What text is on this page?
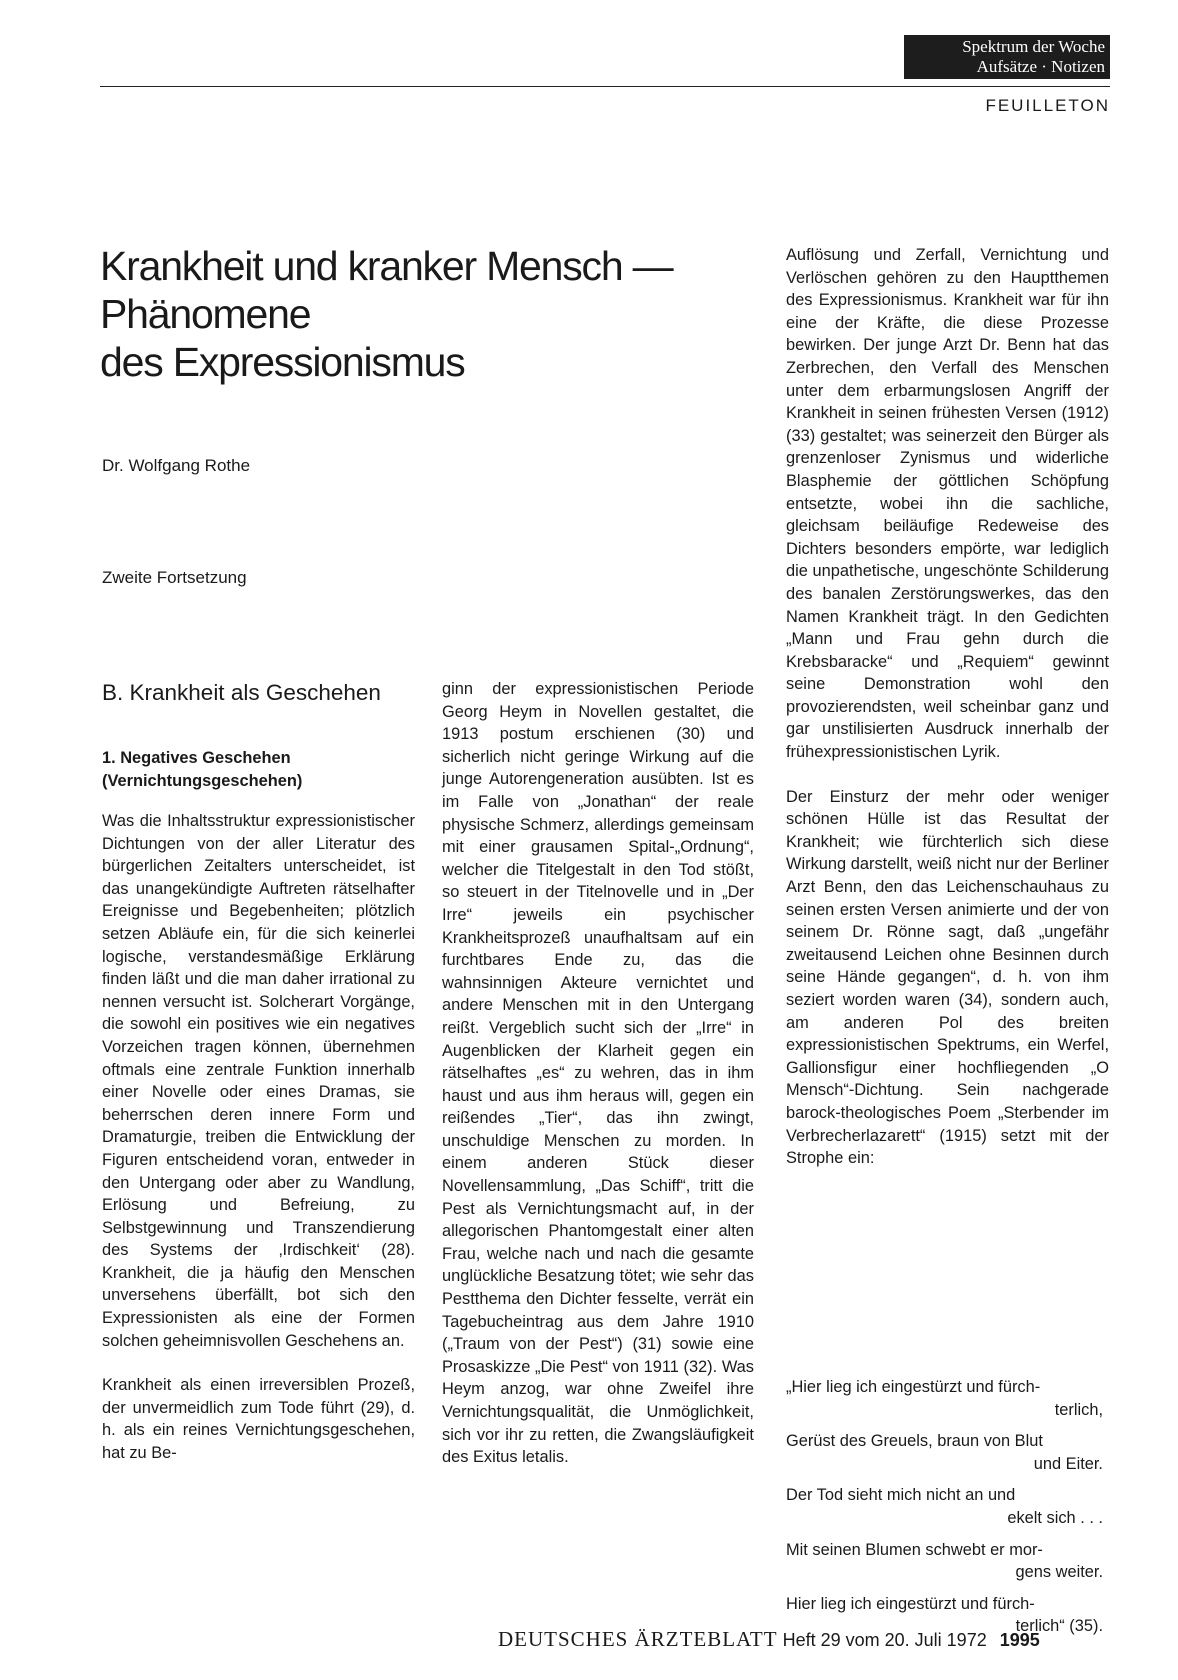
Spektrum der Woche
Aufsätze · Notizen
FEUILLETON
Krankheit und kranker Mensch —
Phänomene
des Expressionismus
Dr. Wolfgang Rothe
Zweite Fortsetzung
B. Krankheit als Geschehen
1. Negatives Geschehen
(Vernichtungsgeschehen)

Was die Inhaltsstruktur expressionistischer Dichtungen von der aller Literatur des bürgerlichen Zeitalters unterscheidet, ist das unangekündigte Auftreten rätselhafter Ereignisse und Begebenheiten; plötzlich setzen Abläufe ein, für die sich keinerlei logische, verstandesmäßige Erklärung finden läßt und die man daher irrational zu nennen versucht ist. Solcherart Vorgänge, die sowohl ein positives wie ein negatives Vorzeichen tragen können, übernehmen oftmals eine zentrale Funktion innerhalb einer Novelle oder eines Dramas, sie beherrschen deren innere Form und Dramaturgie, treiben die Entwicklung der Figuren entscheidend voran, entweder in den Untergang oder aber zu Wandlung, Erlösung und Befreiung, zu Selbstgewinnung und Transzendierung des Systems der ‚Irdischkeit‘ (28). Krankheit, die ja häufig den Menschen unversehens überfällt, bot sich den Expressionisten als eine der Formen solchen geheimnisvollen Geschehens an.

Krankheit als einen irreversiblen Prozeß, der unvermeidlich zum Tode führt (29), d. h. als ein reines Vernichtungsgeschehen, hat zu Be-

ginn der expressionistischen Periode Georg Heym in Novellen gestaltet, die 1913 postum erschienen (30) und sicherlich nicht geringe Wirkung auf die junge Autorengeneration ausübten. Ist es im Falle von „Jonathan“ der reale physische Schmerz, allerdings gemeinsam mit einer grausamen Spital-„Ordnung“, welcher die Titelgestalt in den Tod stößt, so steuert in der Titelnovelle und in „Der Irre“ jeweils ein psychischer Krankheitsprozeß unaufhaltsam auf ein furchtbares Ende zu, das die wahnsinnigen Akteure vernichtet und andere Menschen mit in den Untergang reißt. Vergeblich sucht sich der „Irre“ in Augenblicken der Klarheit gegen ein rätselhaftes „es“ zu wehren, das in ihm haust und aus ihm heraus will, gegen ein reißendes „Tier“, das ihn zwingt, unschuldige Menschen zu morden. In einem anderen Stück dieser Novellensammlung, „Das Schiff“, tritt die Pest als Vernichtungsmacht auf, in der allegorischen Phantomgestalt einer alten Frau, welche nach und nach die gesamte unglückliche Besatzung tötet; wie sehr das Pestthema den Dichter fesselte, verrät ein Tagebucheintrag aus dem Jahre 1910 („Traum von der Pest“) (31) sowie eine Prosaskizze „Die Pest“ von 1911 (32). Was Heym anzog, war ohne Zweifel ihre Vernichtungsqualität, die Unmöglichkeit, sich vor ihr zu retten, die Zwangsläufigkeit des Exitus letalis.

Auflösung und Zerfall, Vernichtung und Verlöschen gehören zu den Hauptthemen des Expressionismus. Krankheit war für ihn eine der Kräfte, die diese Prozesse bewirken. Der junge Arzt Dr. Benn hat das Zerbrechen, den Verfall des Menschen unter dem erbarmungslosen Angriff der Krankheit in seinen frühesten Versen (1912) (33) gestaltet; was seinerzeit den Bürger als grenzenloser Zynismus und widerliche Blasphemie der göttlichen Schöpfung entsetzte, wobei ihn die sachliche, gleichsam beiläufige Redeweise des Dichters besonders empörte, war lediglich die unpathetische, ungeschönte Schilderung des banalen Zerstörungswerkes, das den Namen Krankheit trägt. In den Gedichten „Mann und Frau gehn durch die Krebsbaracke“ und „Requiem“ gewinnt seine Demonstration wohl den provozierendsten, weil scheinbar ganz und gar unstilisierten Ausdruck innerhalb der frühexpressionistischen Lyrik.

Der Einsturz der mehr oder weniger schönen Hülle ist das Resultat der Krankheit; wie fürchterlich sich diese Wirkung darstellt, weiß nicht nur der Berliner Arzt Benn, den das Leichenschauhaus zu seinen ersten Versen animierte und der von seinem Dr. Rönne sagt, daß „ungefähr zweitausend Leichen ohne Besinnen durch seine Hände gegangen“, d. h. von ihm seziert worden waren (34), sondern auch, am anderen Pol des breiten expressionistischen Spektrums, ein Werfel, Gallionsfigur einer hochfliegenden „O Mensch“-Dichtung. Sein nachgerade barock-theologisches Poem „Sterbender im Verbrecherlazarett“ (1915) setzt mit der Strophe ein:

„Hier lieg ich eingestürzt und fürch-
terlich,
Gerüst des Greuels, braun von Blut
und Eiter.
Der Tod sieht mich nicht an und
ekelt sich . . .
Mit seinen Blumen schwebt er mor-
gens weiter.
Hier lieg ich eingestürzt und fürch-
terlich“ (35).
DEUTSCHES ÄRZTEBLATT Heft 29 vom 20. Juli 1972 1995
